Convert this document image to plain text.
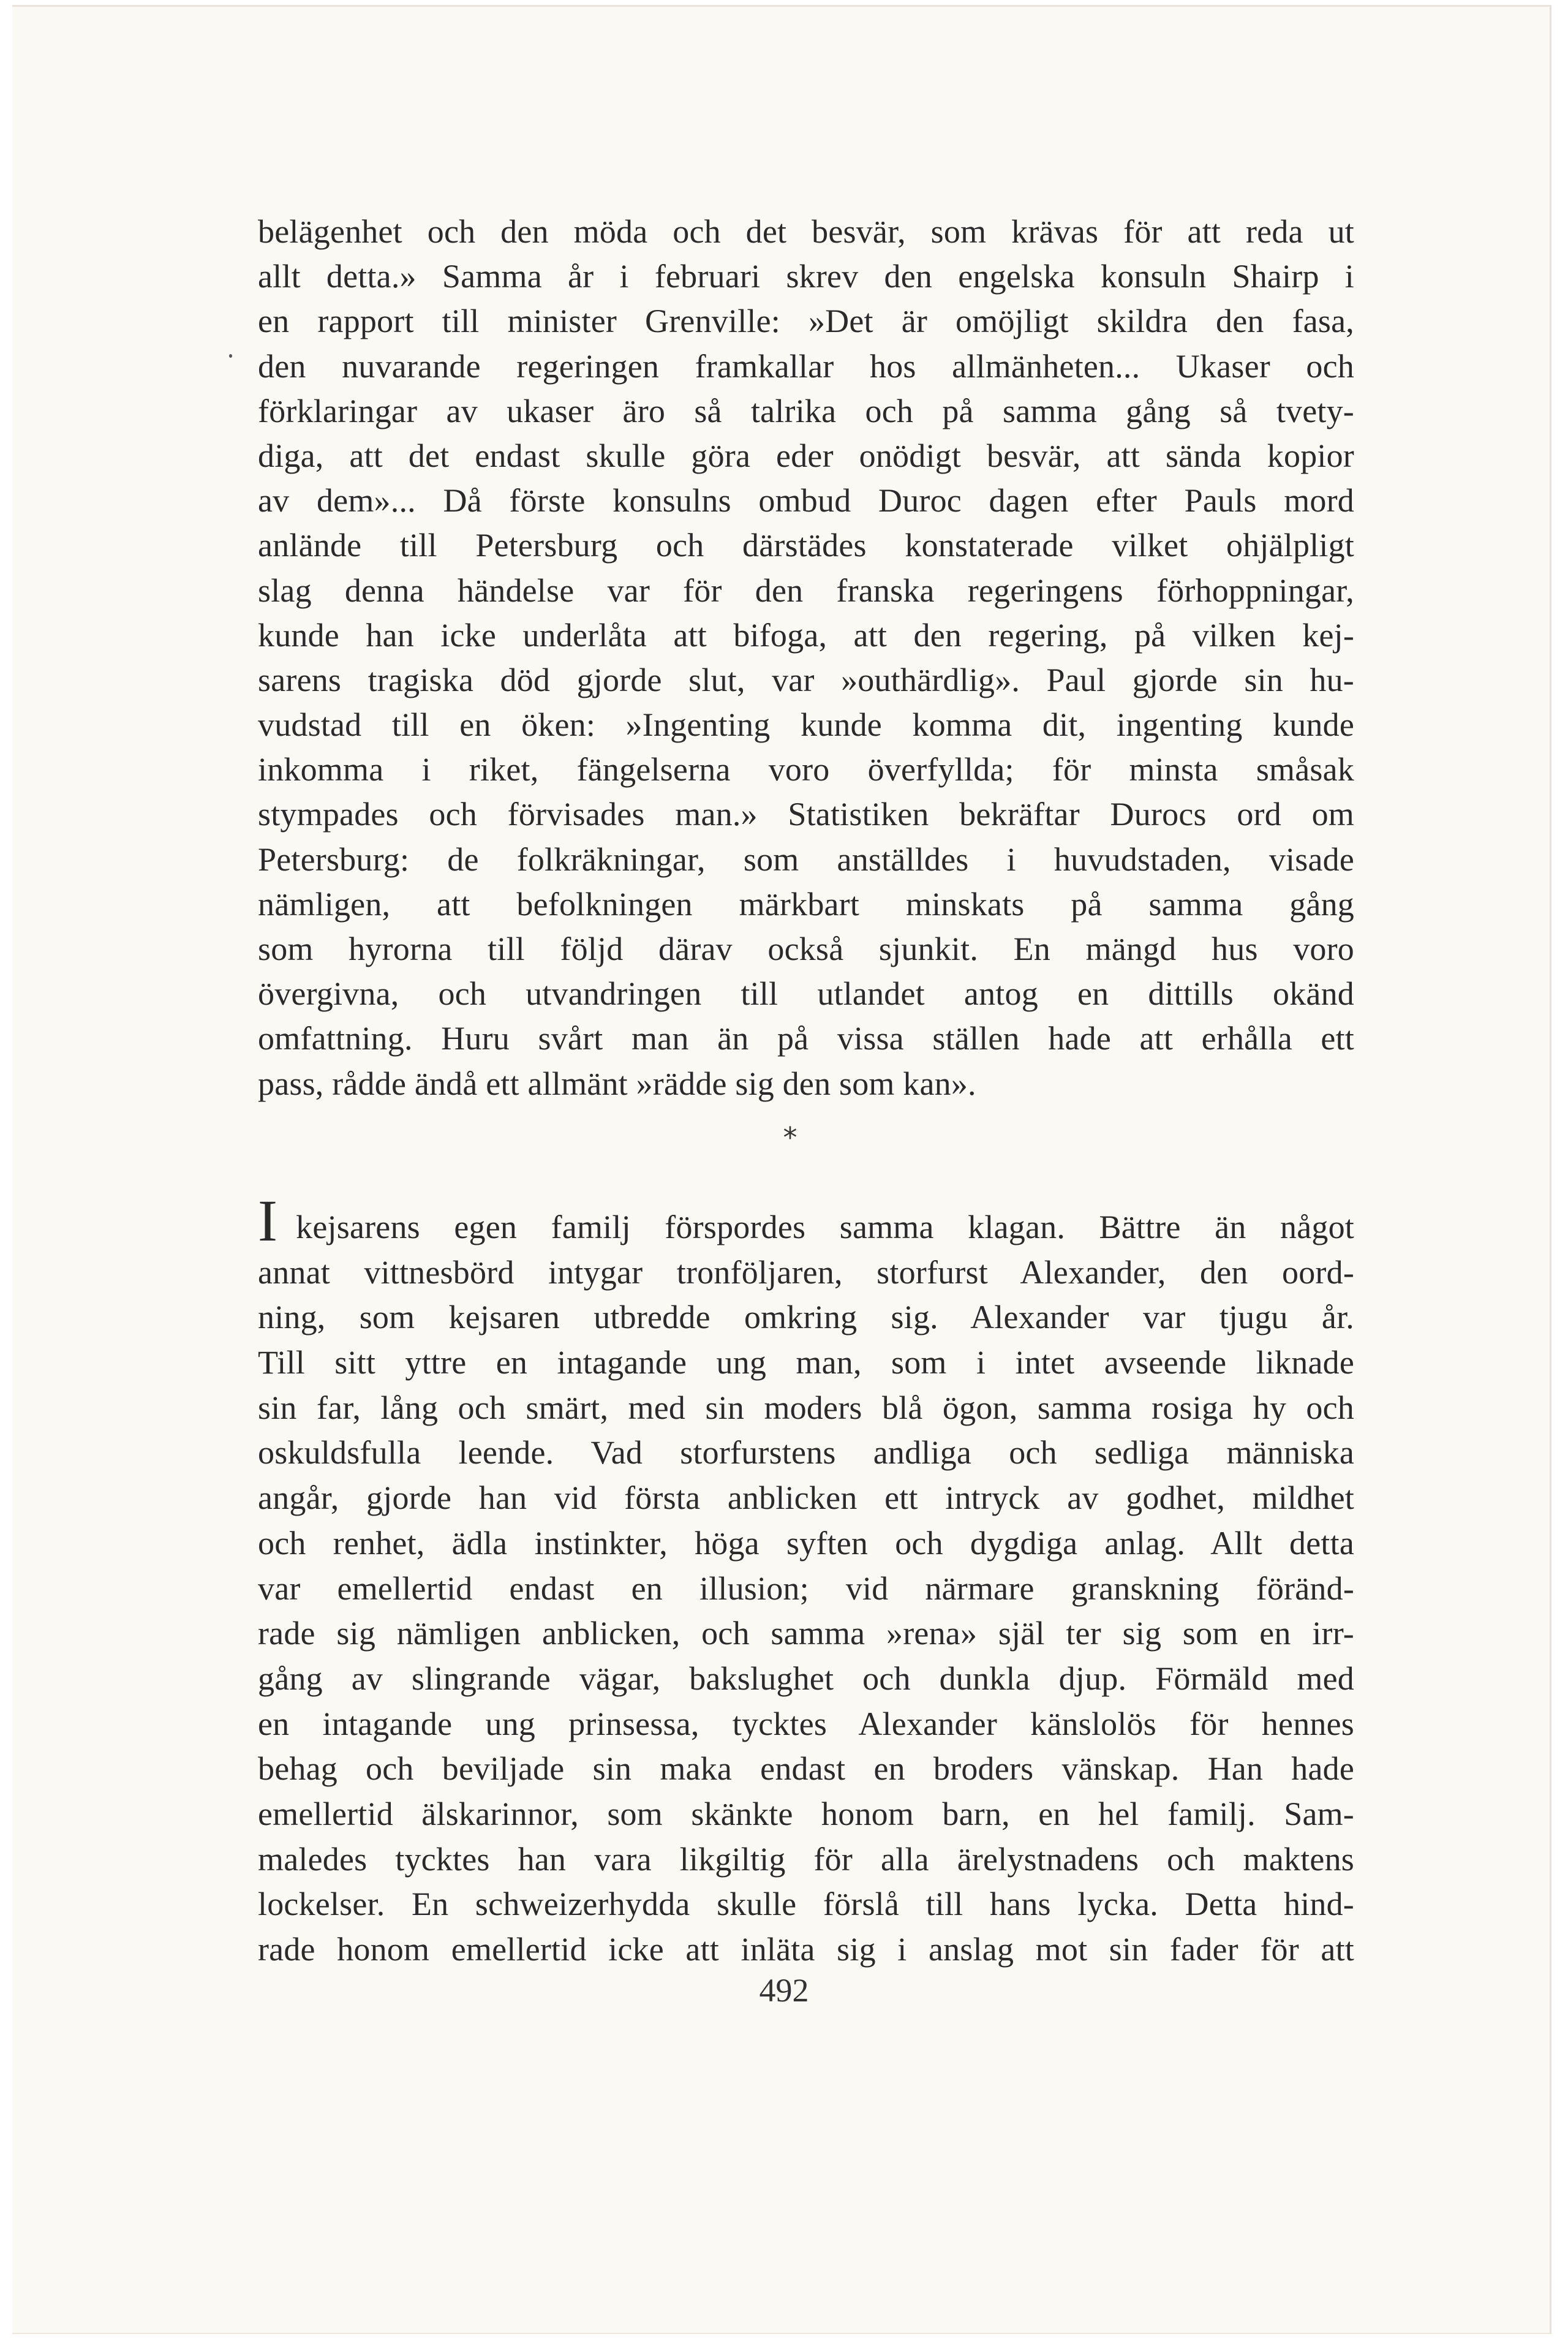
belägenhet och den möda och det besvär, som krävas för att reda ut
allt detta.» Samma år i februari skrev den engelska konsuln Shairp i
en rapport till minister Grenville: »Det är omöjligt skildra den fasa,
den nuvarande regeringen framkallar hos allmänheten... Ukaser och
förklaringar av ukaser äro så talrika och på samma gång så tvety-
diga, att det endast skulle göra eder onödigt besvär, att sända kopior
av dem»... Då förste konsulns ombud Duroc dagen efter Pauls mord
anlände till Petersburg och därstädes konstaterade vilket ohjälpligt
slag denna händelse var för den franska regeringens förhoppningar,
kunde han icke underlåta att bifoga, att den regering, på vilken kej-
sarens tragiska död gjorde slut, var »outhärdlig». Paul gjorde sin hu-
vudstad till en öken: »Ingenting kunde komma dit, ingenting kunde
inkomma i riket, fängelserna voro överfyllda; för minsta småsak
stympades och förvisades man.» Statistiken bekräftar Durocs ord om
Petersburg: de folkräkningar, som anställdes i huvudstaden, visade
nämligen, att befolkningen märkbart minskats på samma gång
som hyrorna till följd därav också sjunkit. En mängd hus voro
övergivna, och utvandringen till utlandet antog en dittills okänd
omfattning. Huru svårt man än på vissa ställen hade att erhålla ett
pass, rådde ändå ett allmänt »rädde sig den som kan».
*
Ikejsarens egen familj förspordes samma klagan. Bättre än något
annat vittnesbörd intygar tronföljaren, storfurst Alexander, den oord-
ning, som kejsaren utbredde omkring sig. Alexander var tjugu år.
Till sitt yttre en intagande ung man, som i intet avseende liknade
sin far, lång och smärt, med sin moders blå ögon, samma rosiga hy och
oskuldsfulla leende. Vad storfurstens andliga och sedliga människa
angår, gjorde han vid första anblicken ett intryck av godhet, mildhet
och renhet, ädla instinkter, höga syften och dygdiga anlag. Allt detta
var emellertid endast en illusion; vid närmare granskning föränd-
rade sig nämligen anblicken, och samma »rena» själ ter sig som en irr-
gång av slingrande vägar, bakslughet och dunkla djup. Förmäld med
en intagande ung prinsessa, tycktes Alexander känslolös för hennes
behag och beviljade sin maka endast en broders vänskap. Han hade
emellertid älskarinnor, som skänkte honom barn, en hel familj. Sam-
maledes tycktes han vara likgiltig för alla ärelystnadens och maktens
lockelser. En schweizerhydda skulle förslå till hans lycka. Detta hind-
rade honom emellertid icke att inläta sig i anslag mot sin fader för att
492
